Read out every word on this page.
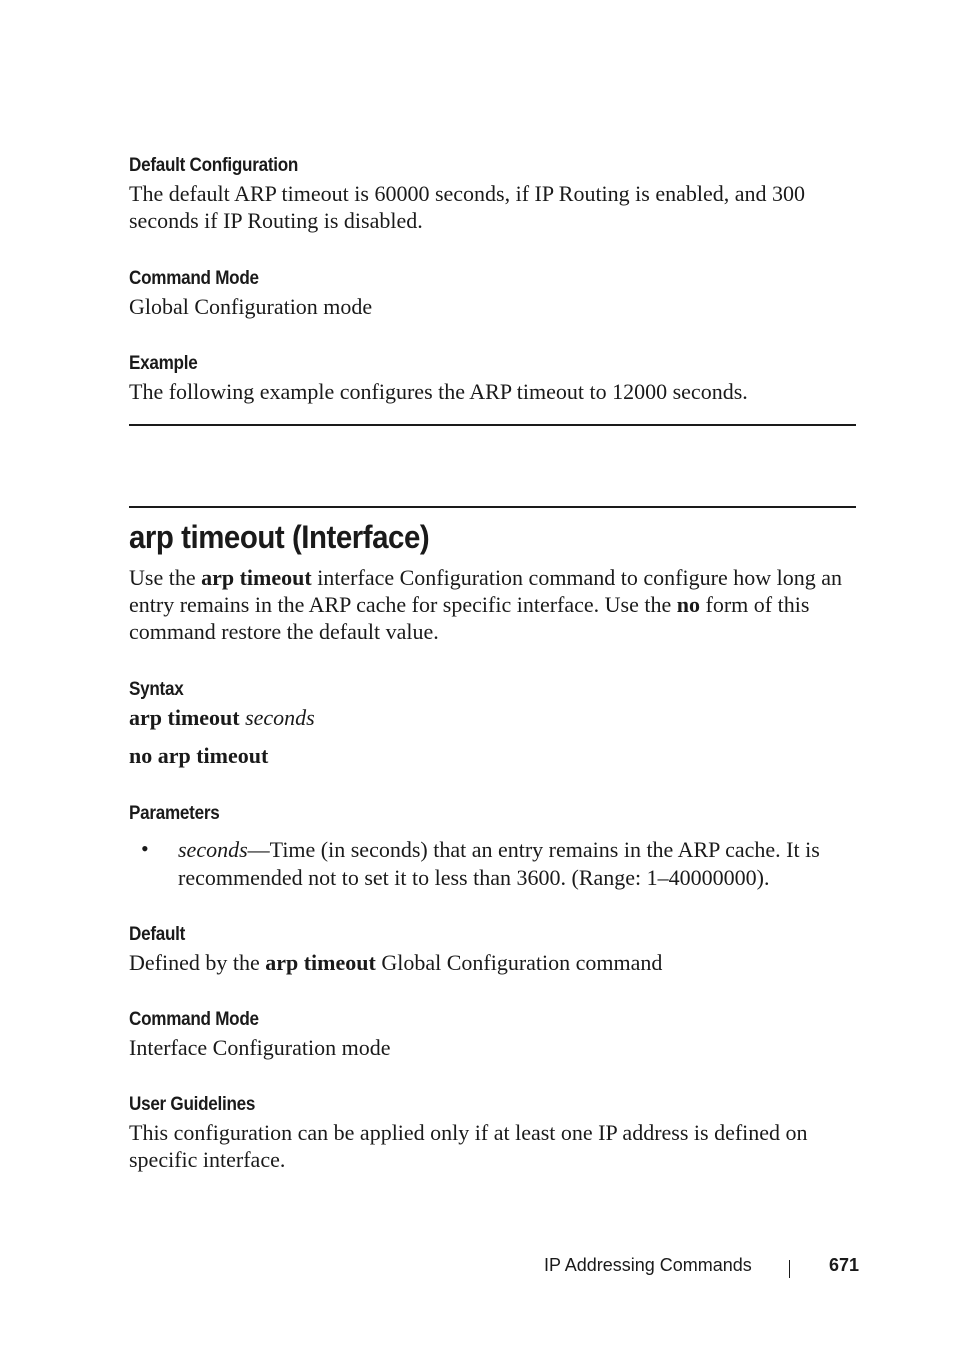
Default Configuration
The default ARP timeout is 60000 seconds, if IP Routing is enabled, and 300 seconds if IP Routing is disabled.
Command Mode
Global Configuration mode
Example
The following example configures the ARP timeout to 12000 seconds.
arp timeout (Interface)
Use the arp timeout interface Configuration command to configure how long an entry remains in the ARP cache for specific interface. Use the no form of this command restore the default value.
Syntax
arp timeout seconds
no arp timeout
Parameters
• seconds—Time (in seconds) that an entry remains in the ARP cache. It is recommended not to set it to less than 3600. (Range: 1–40000000).
Default
Defined by the arp timeout Global Configuration command
Command Mode
Interface Configuration mode
User Guidelines
This configuration can be applied only if at least one IP address is defined on specific interface.
IP Addressing Commands	671
